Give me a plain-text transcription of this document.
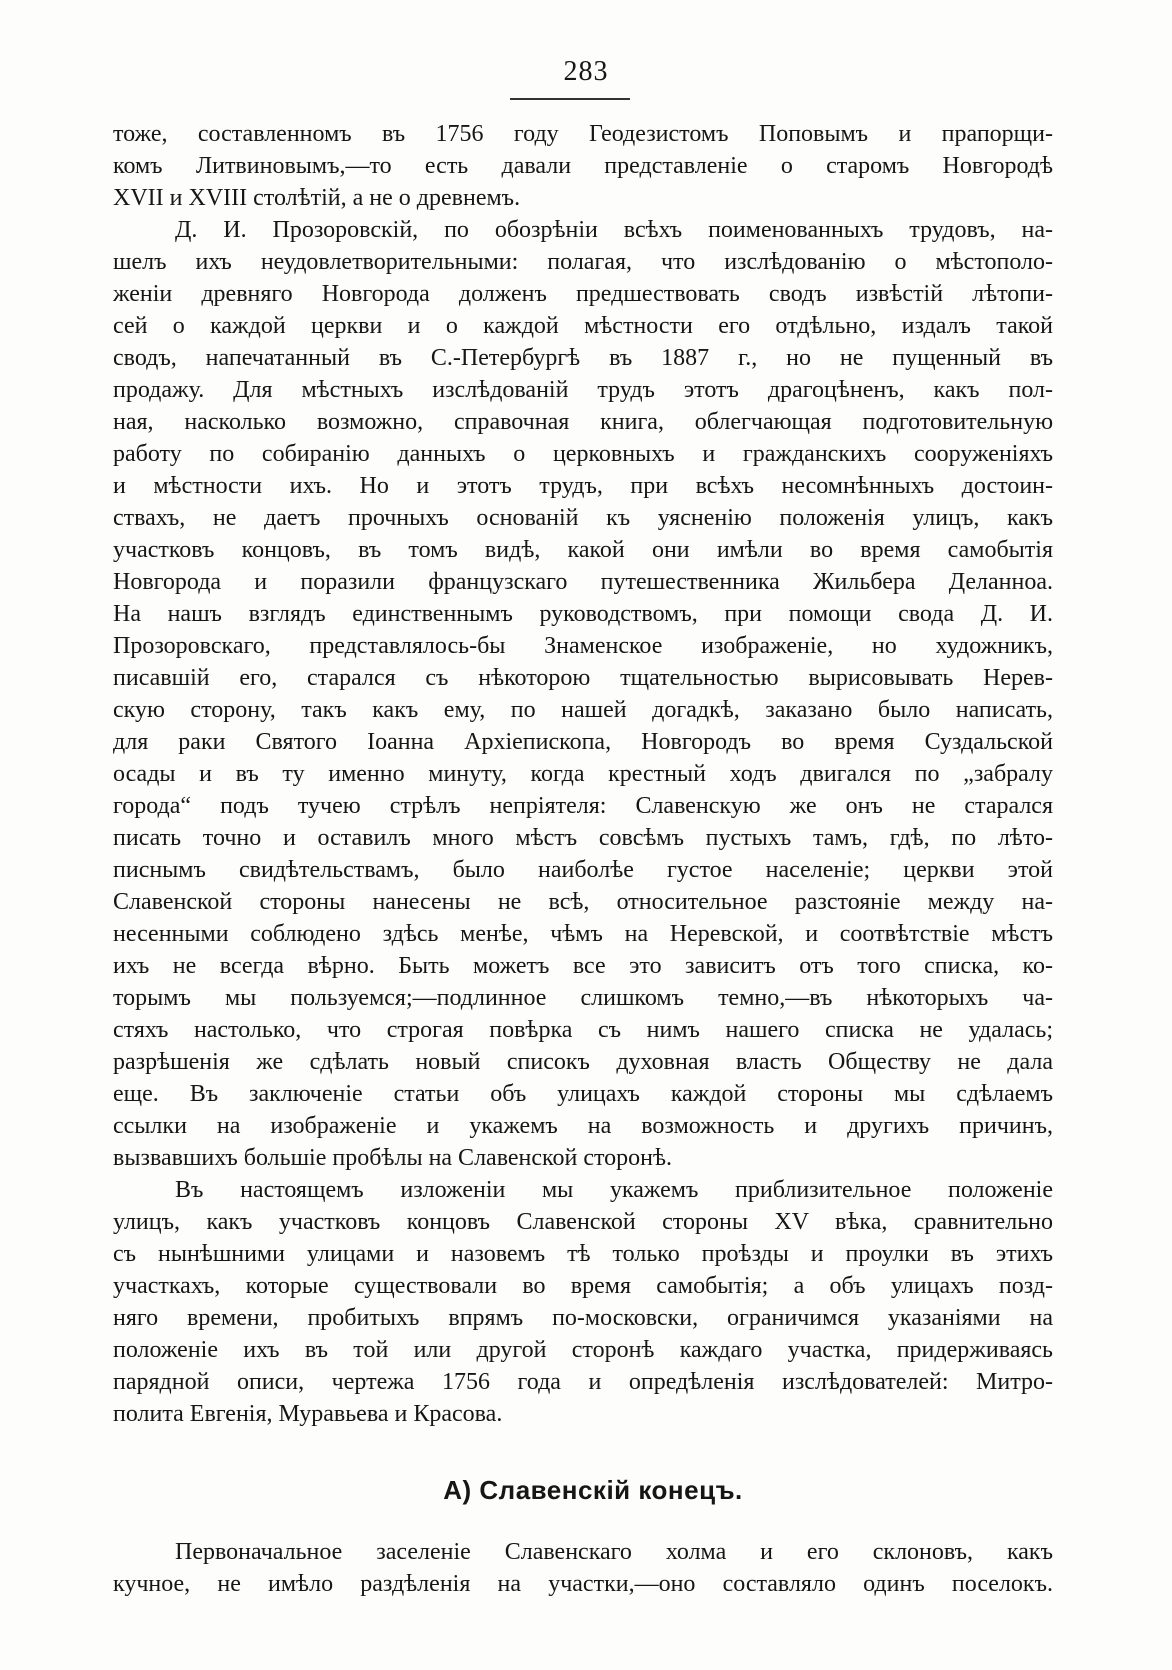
283
тоже, составленномъ въ 1756 году Геодезистомъ Поповымъ и прапорщи-
комъ Литвиновымъ,—то есть давали представленіе о старомъ Новгородѣ
XVII и XVIII столѣтій, а не о древнемъ.
Д. И. Прозоровскій, по обозрѣніи всѣхъ поименованныхъ трудовъ, на-
шелъ ихъ неудовлетворительными: полагая, что изслѣдованію о мѣстополо-
женіи древняго Новгорода долженъ предшествовать сводъ извѣстій лѣтопи-
сей о каждой церкви и о каждой мѣстности его отдѣльно, издалъ такой
сводъ, напечатанный въ С.-Петербургѣ въ 1887 г., но не пущенный въ
продажу. Для мѣстныхъ изслѣдованій трудъ этотъ драгоцѣненъ, какъ пол-
ная, насколько возможно, справочная книга, облегчающая подготовительную
работу по собиранію данныхъ о церковныхъ и гражданскихъ сооруженіяхъ
и мѣстности ихъ. Но и этотъ трудъ, при всѣхъ несомнѣнныхъ достоин-
ствахъ, не даетъ прочныхъ основаній къ уясненію положенія улицъ, какъ
участковъ концовъ, въ томъ видѣ, какой они имѣли во время самобытія
Новгорода и поразили французскаго путешественника Жильбера Деланноа.
На нашъ взглядъ единственнымъ руководствомъ, при помощи свода Д. И.
Прозоровскаго, представлялось-бы Знаменское изображеніе, но художникъ,
писавшій его, старался съ нѣкоторою тщательностью вырисовывать Нерев-
скую сторону, такъ какъ ему, по нашей догадкѣ, заказано было написать,
для раки Святого Іоанна Архіепископа, Новгородъ во время Суздальской
осады и въ ту именно минуту, когда крестный ходъ двигался по „забралу
города“ подъ тучею стрѣлъ непріятеля: Славенскую же онъ не старался
писать точно и оставилъ много мѣстъ совсѣмъ пустыхъ тамъ, гдѣ, по лѣто-
писнымъ свидѣтельствамъ, было наиболѣе густое населеніе; церкви этой
Славенской стороны нанесены не всѣ, относительное разстояніе между на-
несенными соблюдено здѣсь менѣе, чѣмъ на Неревской, и соотвѣтствіе мѣстъ
ихъ не всегда вѣрно. Быть можетъ все это зависитъ отъ того списка, ко-
торымъ мы пользуемся;—подлинное слишкомъ темно,—въ нѣкоторыхъ ча-
стяхъ настолько, что строгая повѣрка съ нимъ нашего списка не удалась;
разрѣшенія же сдѣлать новый списокъ духовная власть Обществу не дала
еще. Въ заключеніе статьи объ улицахъ каждой стороны мы сдѣлаемъ
ссылки на изображеніе и укажемъ на возможность и другихъ причинъ,
вызвавшихъ большіе пробѣлы на Славенской сторонѣ.
Въ настоящемъ изложеніи мы укажемъ приблизительное положеніе
улицъ, какъ участковъ концовъ Славенской стороны XV вѣка, сравнительно
съ нынѣшними улицами и назовемъ тѣ только проѣзды и проулки въ этихъ
участкахъ, которые существовали во время самобытія; а объ улицахъ позд-
няго времени, пробитыхъ впрямъ по-московски, ограничимся указаніями на
положеніе ихъ въ той или другой сторонѣ каждаго участка, придерживаясь
парядной описи, чертежа 1756 года и опредѣленія изслѣдователей: Митро-
полита Евгенія, Муравьева и Красова.
А) Славенскій конецъ.
Первоначальное заселеніе Славенскаго холма и его склоновъ, какъ
кучное, не имѣло раздѣленія на участки,—оно составляло одинъ поселокъ.
